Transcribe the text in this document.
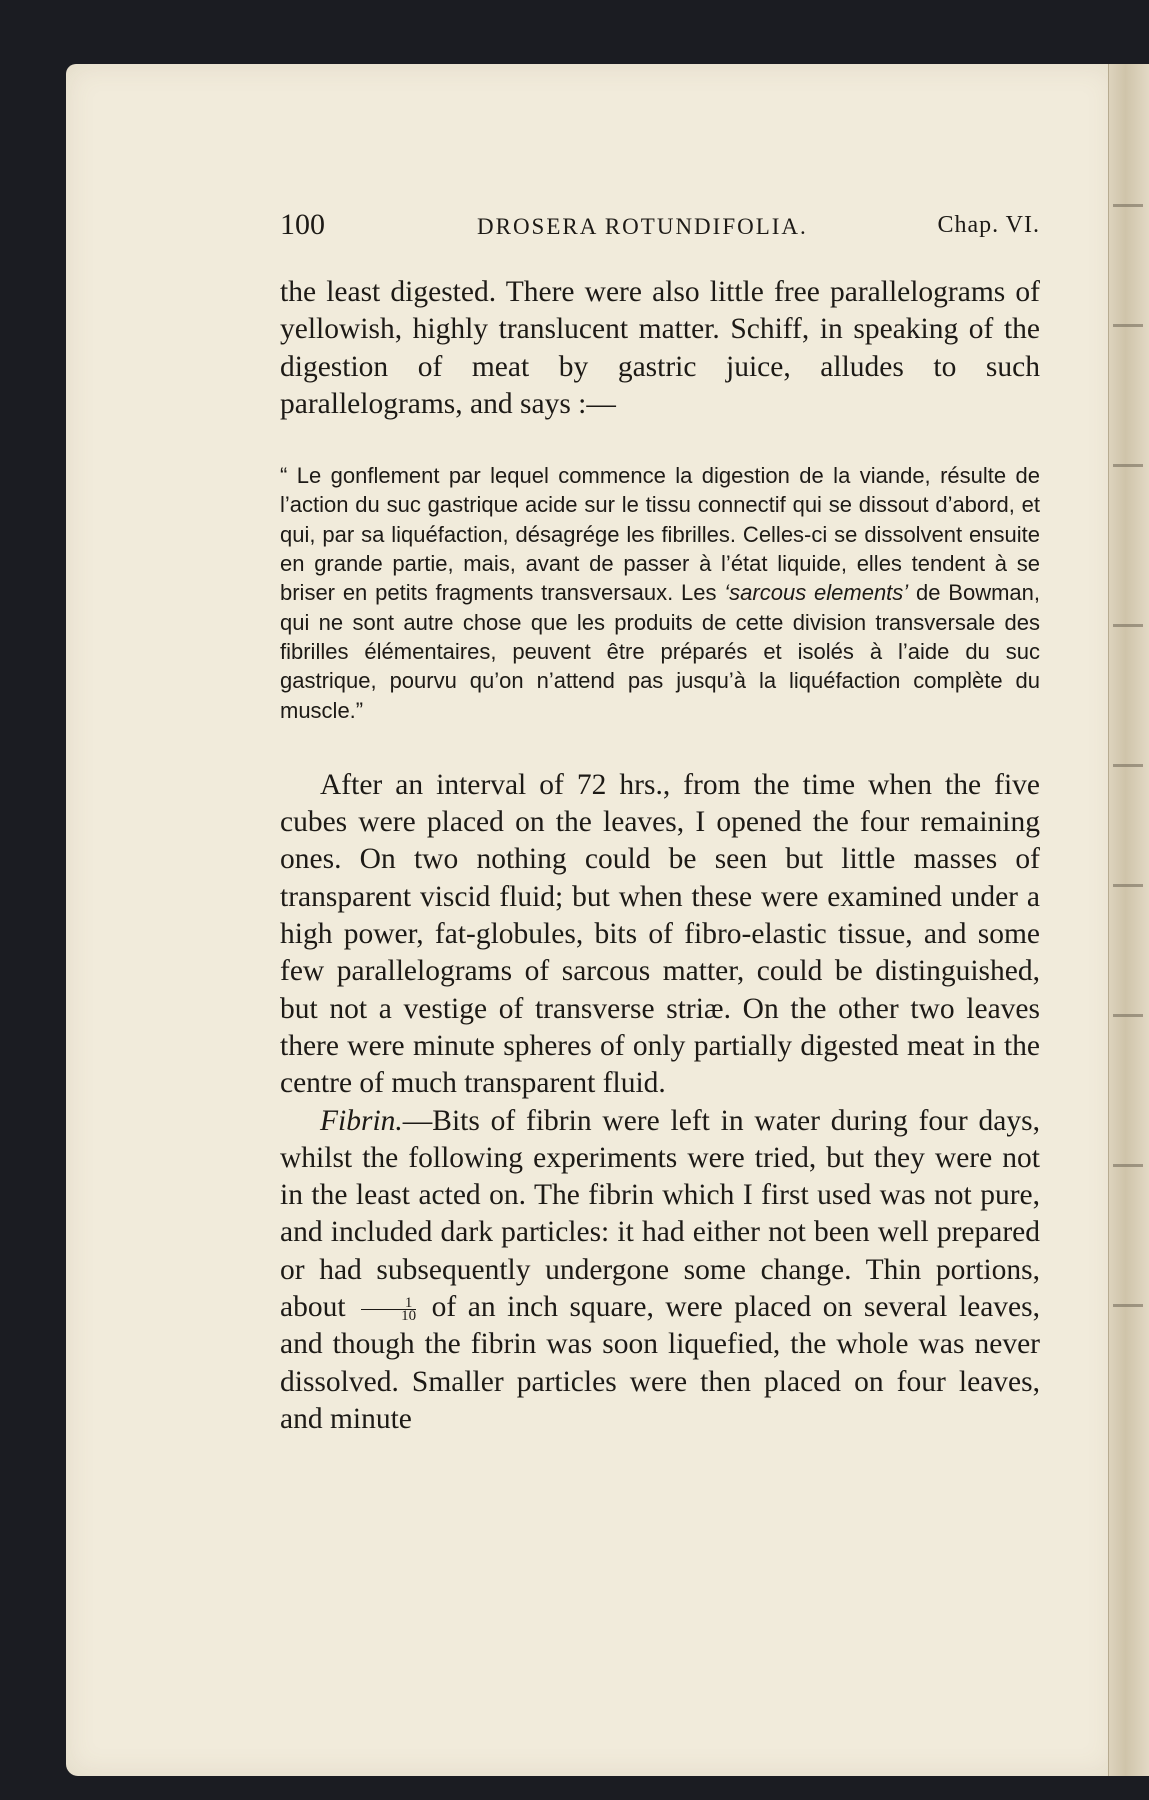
100	DROSERA ROTUNDIFOLIA.	Chap. VI.

the least digested. There were also little free parallelograms of yellowish, highly translucent matter. Schiff, in speaking of the digestion of meat by gastric juice, alludes to such parallelograms, and says :—

“ Le gonflement par lequel commence la digestion de la viande, résulte de l’action du suc gastrique acide sur le tissu connectif qui se dissout d’abord, et qui, par sa liquéfaction, désagrége les fibrilles. Celles-ci se dissolvent ensuite en grande partie, mais, avant de passer à l’état liquide, elles tendent à se briser en petits fragments transversaux. Les ‘sarcous elements’ de Bowman, qui ne sont autre chose que les produits de cette division transversale des fibrilles élémentaires, peuvent être préparés et isolés à l’aide du suc gastrique, pourvu qu’on n’attend pas jusqu’à la liquéfaction complète du muscle.”

After an interval of 72 hrs., from the time when the five cubes were placed on the leaves, I opened the four remaining ones. On two nothing could be seen but little masses of transparent viscid fluid; but when these were examined under a high power, fat-globules, bits of fibro-elastic tissue, and some few parallelograms of sarcous matter, could be distinguished, but not a vestige of transverse striæ. On the other two leaves there were minute spheres of only partially digested meat in the centre of much transparent fluid.

Fibrin.—Bits of fibrin were left in water during four days, whilst the following experiments were tried, but they were not in the least acted on. The fibrin which I first used was not pure, and included dark particles: it had either not been well prepared or had subsequently undergone some change. Thin portions, about $\frac{1}{10}$ of an inch square, were placed on several leaves, and though the fibrin was soon liquefied, the whole was never dissolved. Smaller particles were then placed on four leaves, and minute
